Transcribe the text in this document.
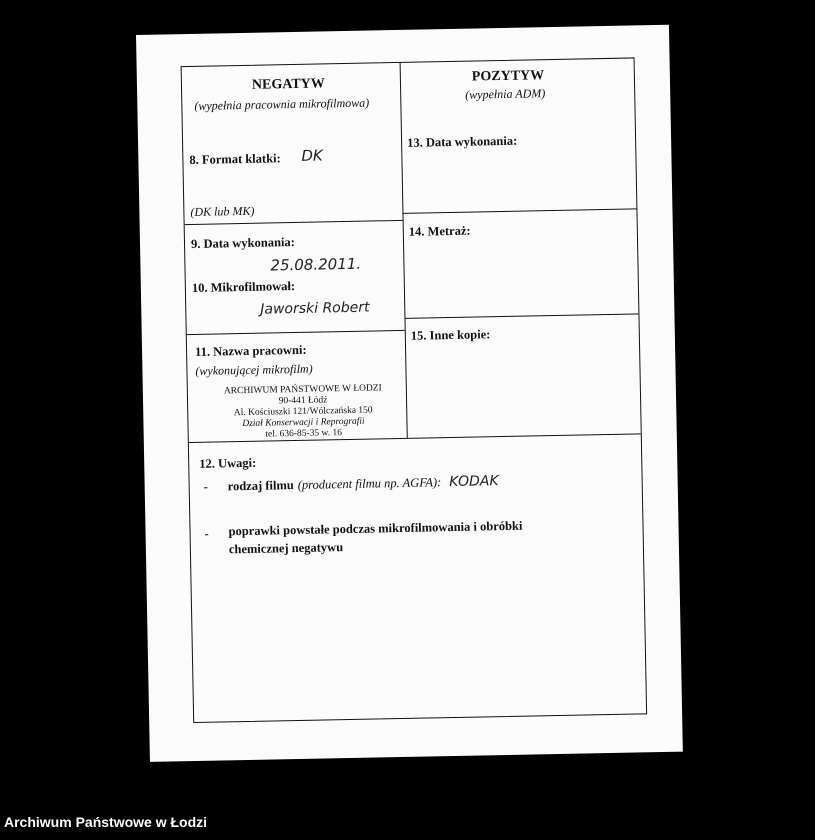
NEGATYW
(wypełnia pracownia mikrofilmowa)
8. Format klatki: DK
(DK lub MK)
9. Data wykonania:
25.08.2011.
10. Mikrofilmował:
Jaworski Robert
11. Nazwa pracowni:
(wykonującej mikrofilm)
ARCHIWUM PAŃSTWOWE W ŁODZI
90-441 Łódź
Al. Kościuszki 121/Wólczańska 150
Dział Konserwacji i Reprografii
tel. 636-85-35 w. 16
POZYTYW
(wypełnia ADM)
13. Data wykonania:
14. Metraż:
15. Inne kopie:
12. Uwagi:
- rodzaj filmu (producent filmu np. AGFA): KODAK
- poprawki powstałe podczas mikrofilmowania i obróbki
chemicznej negatywu
Archiwum Państwowe w Łodzi
